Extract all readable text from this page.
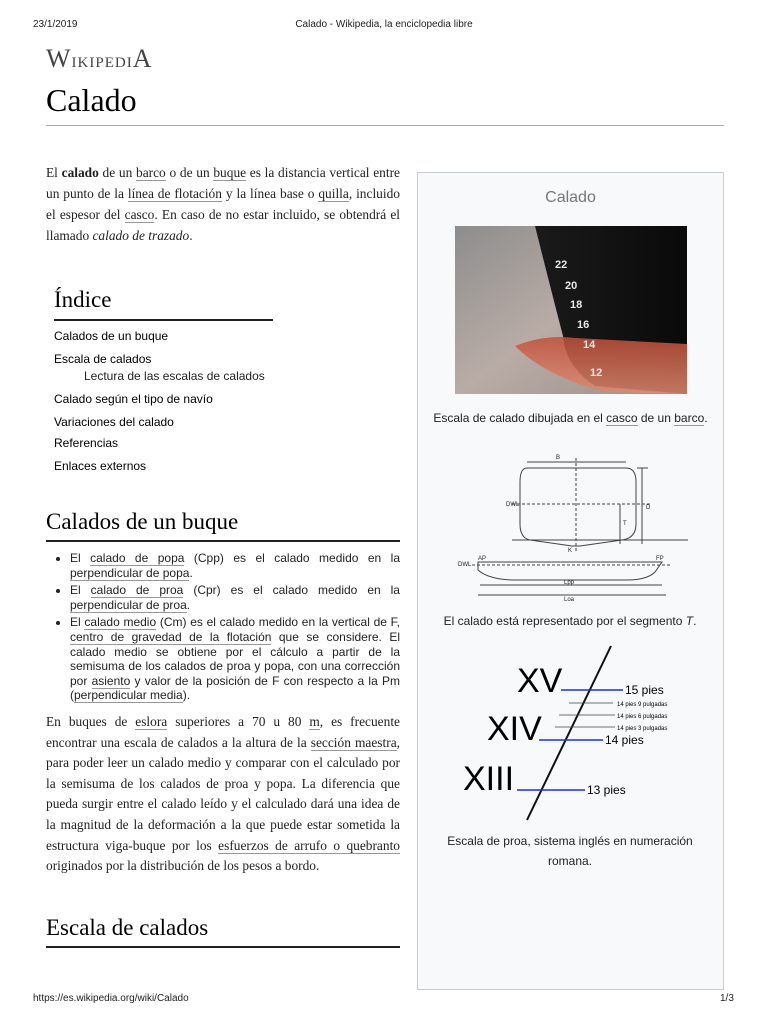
23/1/2019	Calado - Wikipedia, la enciclopedia libre
https://es.wikipedia.org/wiki/Calado	1/3
WikipediA
Calado
El calado de un barco o de un buque es la distancia vertical entre un punto de la línea de flotación y la línea base o quilla, incluido el espesor del casco. En caso de no estar incluido, se obtendrá el llamado calado de trazado.
Índice
Calados de un buque
Escala de calados
Lectura de las escalas de calados
Calado según el tipo de navío
Variaciones del calado
Referencias
Enlaces externos
Calados de un buque
• El calado de popa (Cpp) es el calado medido en la perpendicular de popa.
• El calado de proa (Cpr) es el calado medido en la perpendicular de proa.
• El calado medio (Cm) es el calado medido en la vertical de F, centro de gravedad de la flotación que se considere. El calado medio se obtiene por el cálculo a partir de la semisuma de los calados de proa y popa, con una corrección por asiento y valor de la posición de F con respecto a la Pm (perpendicular media).
En buques de eslora superiores a 70 u 80 m, es frecuente encontrar una escala de calados a la altura de la sección maestra, para poder leer un calado medio y comparar con el calculado por la semisuma de los calados de proa y popa. La diferencia que pueda surgir entre el calado leído y el calculado dará una idea de la magnitud de la deformación a la que puede estar sometida la estructura viga-buque por los esfuerzos de arrufo o quebranto originados por la distribución de los pesos a bordo.
Escala de calados
Calado
22
20
18
16
14
12
Escala de calado dibujada en el casco de un barco.
B
DWL	D
T
K
AP	FP
DWL
Lpp
Loa
El calado está representado por el segmento T.
XV
XIV
XIII
15 pies
14 pies 9 pulgadas
14 pies 6 pulgadas
14 pies 3 pulgadas
14 pies
13 pies
Escala de proa, sistema inglés en numeración romana.
